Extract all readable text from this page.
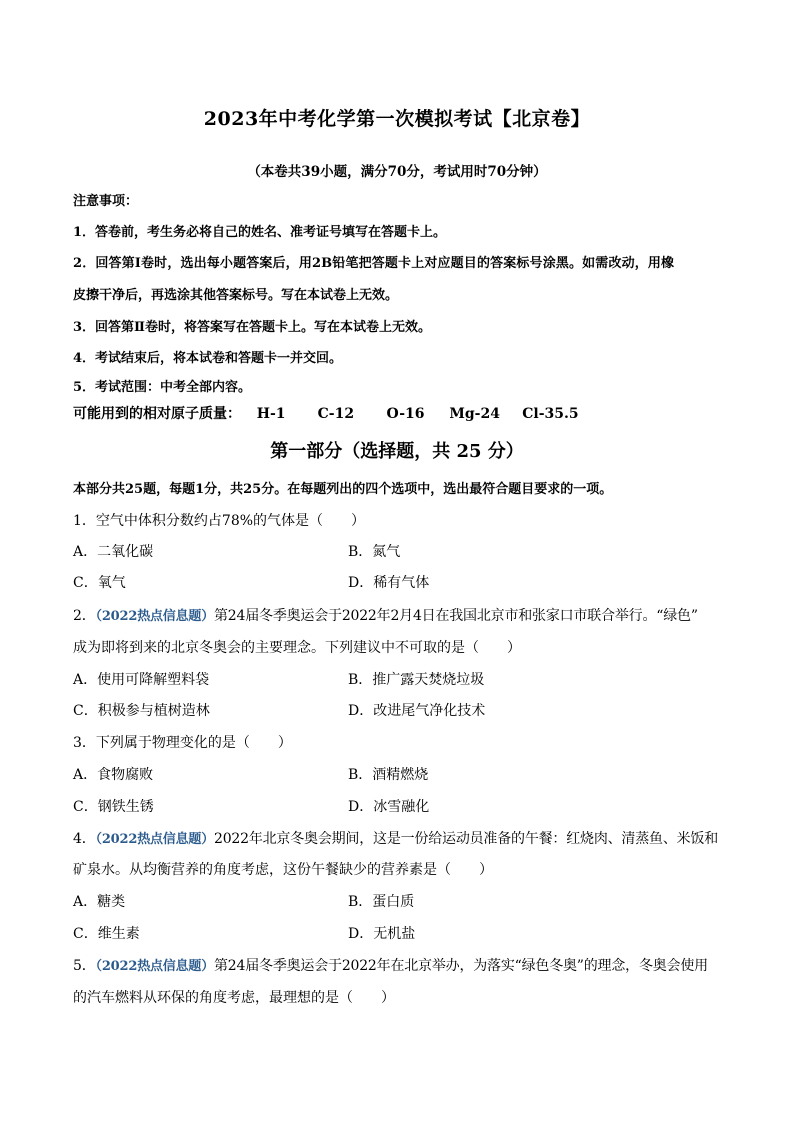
2023年中考化学第一次模拟考试【北京卷】
（本卷共39小题，满分70分，考试用时70分钟）
注意事项：
1．答卷前，考生务必将自己的姓名、准考证号填写在答题卡上。
2．回答第Ⅰ卷时，选出每小题答案后，用2B铅笔把答题卡上对应题目的答案标号涂黑。如需改动，用橡
皮擦干净后，再选涂其他答案标号。写在本试卷上无效。
3．回答第Ⅱ卷时，将答案写在答题卡上。写在本试卷上无效。
4．考试结束后，将本试卷和答题卡一并交回。
5．考试范围：中考全部内容。
可能用到的相对原子质量： H-1 C-12 O-16 Mg-24 Cl-35.5
第一部分（选择题，共 25 分）
本部分共25题，每题1分，共25分。在每题列出的四个选项中，选出最符合题目要求的一项。
1．空气中体积分数约占78%的气体是（　　）
A．二氧化碳	B．氮气
C．氧气	D．稀有气体
2．（2022热点信息题）第24届冬季奥运会于2022年2月4日在我国北京市和张家口市联合举行。“绿色”
成为即将到来的北京冬奥会的主要理念。下列建议中不可取的是（　　）
A．使用可降解塑料袋	B．推广露天焚烧垃圾
C．积极参与植树造林	D．改进尾气净化技术
3．下列属于物理变化的是（　　）
A．食物腐败	B．酒精燃烧
C．钢铁生锈	D．冰雪融化
4．（2022热点信息题）2022年北京冬奥会期间，这是一份给运动员准备的午餐：红烧肉、清蒸鱼、米饭和
矿泉水。从均衡营养的角度考虑，这份午餐缺少的营养素是（　　）
A．糖类	B．蛋白质
C．维生素	D．无机盐
5．（2022热点信息题）第24届冬季奥运会于2022年在北京举办，为落实“绿色冬奥”的理念，冬奥会使用
的汽车燃料从环保的角度考虑，最理想的是（　　）
